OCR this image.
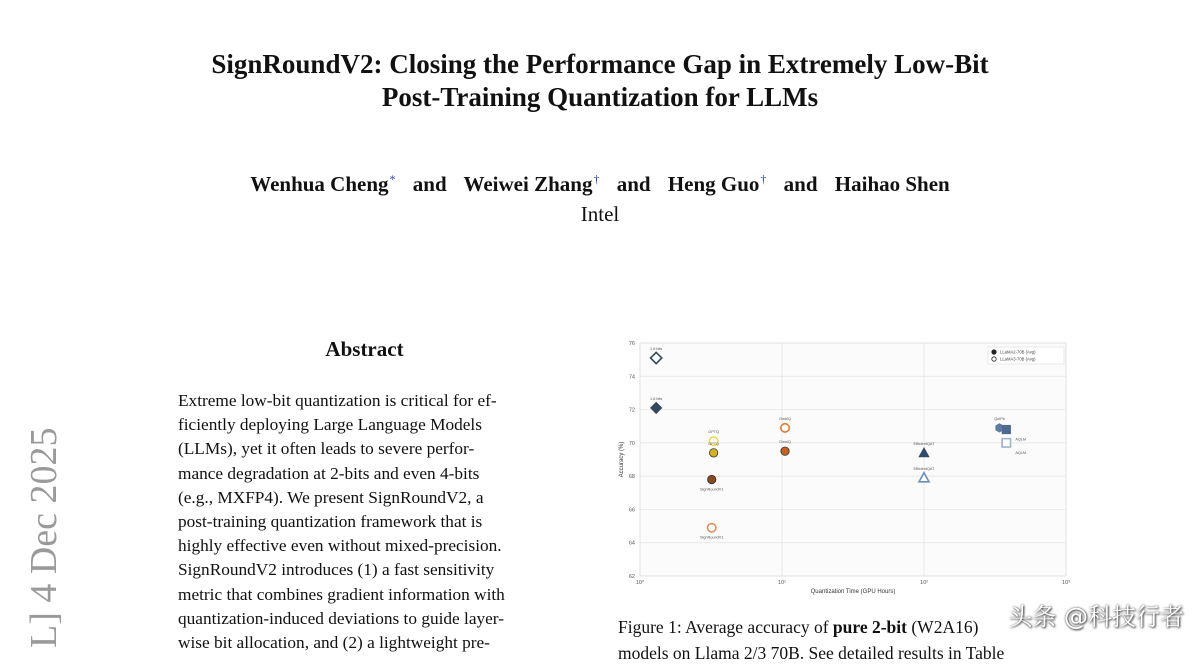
SignRoundV2: Closing the Performance Gap in Extremely Low-Bit
Post-Training Quantization for LLMs
Wenhua Cheng* and Weiwei Zhang† and Heng Guo† and Haihao Shen
Intel
L] 4 Dec 2025
Abstract
Extreme low-bit quantization is critical for ef-
ficiently deploying Large Language Models
(LLMs), yet it often leads to severe perfor-
mance degradation at 2-bits and even 4-bits
(e.g., MXFP4). We present SignRoundV2, a
post-training quantization framework that is
highly effective even without mixed-precision.
SignRoundV2 introduces (1) a fast sensitivity
metric that combines gradient information with
quantization-induced deviations to guide layer-
wise bit allocation, and (2) a lightweight pre-
62
64
66
68
70
72
74
76
10⁰	10¹	10²	10³
Quantization Time (GPU Hours)
Accuracy (%)
1.6 bits
GPTQ
SignRoundV1
OmniQ
EfficientQAT
AQLM
1.6 bits
GPTQ
SignRoundV1
OmniQ	EfficientQAT
QuIP#
AQLM
LLaMA2-70B (Avg)
LLaMA3-70B (Avg)
Figure 1: Average accuracy of pure 2-bit (W2A16)
models on Llama 2/3 70B. See detailed results in Table
头条 @科技行者
